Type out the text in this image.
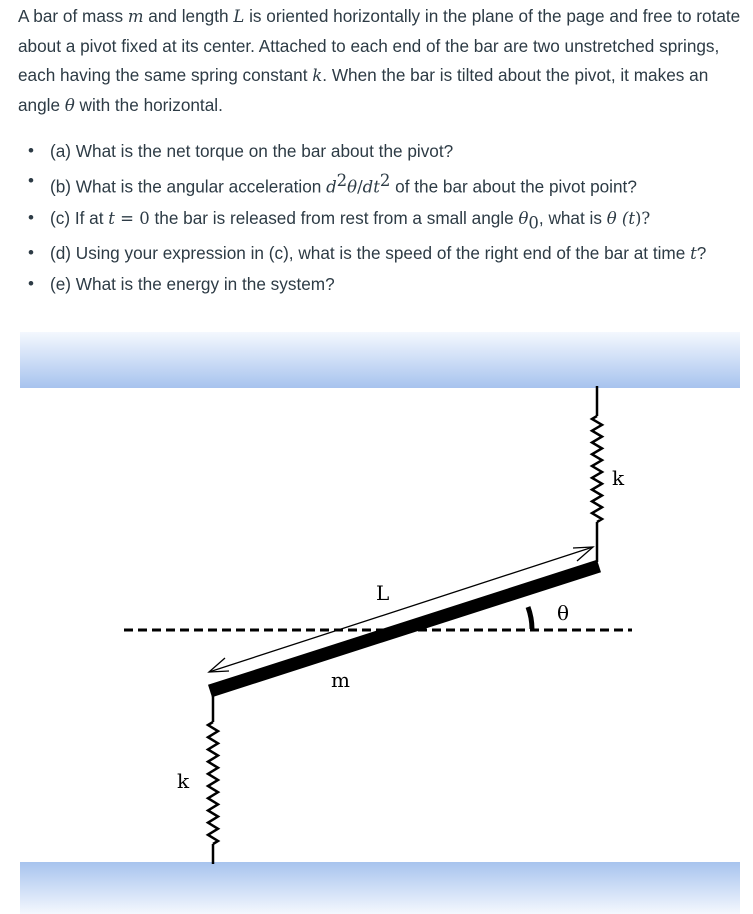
A bar of mass m and length L is oriented horizontally in the plane of the page and free to rotate about a pivot fixed at its center. Attached to each end of the bar are two unstretched springs, each having the same spring constant k. When the bar is tilted about the pivot, it makes an angle θ with the horizontal.

• (a) What is the net torque on the bar about the pivot?
• (b) What is the angular acceleration $d^2\theta/dt^2$ of the bar about the pivot point?
• (c) If at t = 0 the bar is released from rest from a small angle $\theta_0$, what is θ (t)?
• (d) Using your expression in (c), what is the speed of the right end of the bar at time t?
• (e) What is the energy in the system?
k
k
L
m
θ
